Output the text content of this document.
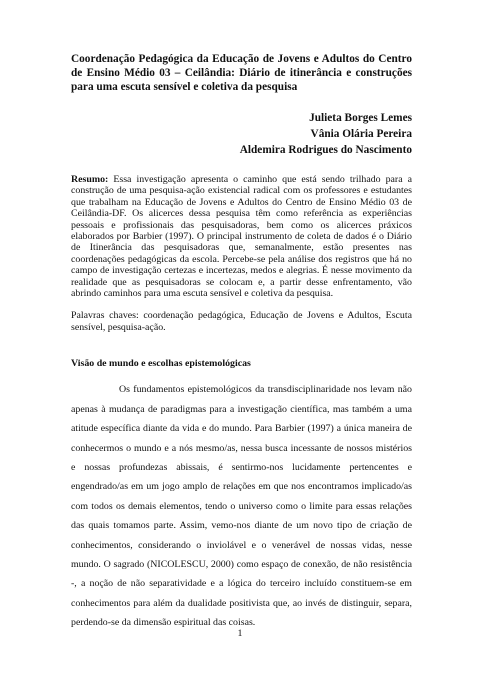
Coordenação Pedagógica da Educação de Jovens e Adultos do Centro de Ensino Médio 03 – Ceilândia: Diário de itinerância e construções para uma escuta sensível e coletiva da pesquisa
Julieta Borges Lemes
Vânia Olária Pereira
Aldemira Rodrigues do Nascimento

Resumo: Essa investigação apresenta o caminho que está sendo trilhado para a construção de uma pesquisa-ação existencial radical com os professores e estudantes que trabalham na Educação de Jovens e Adultos do Centro de Ensino Médio 03 de Ceilândia-DF. Os alicerces dessa pesquisa têm como referência as experiências pessoais e profissionais das pesquisadoras, bem como os alicerces práxicos elaborados por Barbier (1997). O principal instrumento de coleta de dados é o Diário de Itinerância das pesquisadoras que, semanalmente, estão presentes nas coordenações pedagógicas da escola. Percebe-se pela análise dos registros que há no campo de investigação certezas e incertezas, medos e alegrias. É nesse movimento da realidade que as pesquisadoras se colocam e, a partir desse enfrentamento, vão abrindo caminhos para uma escuta sensível e coletiva da pesquisa.

Palavras chaves: coordenação pedagógica, Educação de Jovens e Adultos, Escuta sensível, pesquisa-ação.

Visão de mundo e escolhas epistemológicas

Os fundamentos epistemológicos da transdisciplinaridade nos levam não apenas à mudança de paradigmas para a investigação científica, mas também a uma atitude específica diante da vida e do mundo. Para Barbier (1997) a única maneira de conhecermos o mundo e a nós mesmo/as, nessa busca incessante de nossos mistérios e nossas profundezas abissais, é sentirmo-nos lucidamente pertencentes e engendrado/as em um jogo amplo de relações em que nos encontramos implicado/as com todos os demais elementos, tendo o universo como o limite para essas relações das quais tomamos parte. Assim, vemo-nos diante de um novo tipo de criação de conhecimentos, considerando o inviolável e o venerável de nossas vidas, nesse mundo. O sagrado (NICOLESCU, 2000) como espaço de conexão, de não resistência -, a noção de não separatividade e a lógica do terceiro incluído constituem-se em conhecimentos para além da dualidade positivista que, ao invés de distinguir, separa, perdendo-se da dimensão espiritual das coisas.

1
